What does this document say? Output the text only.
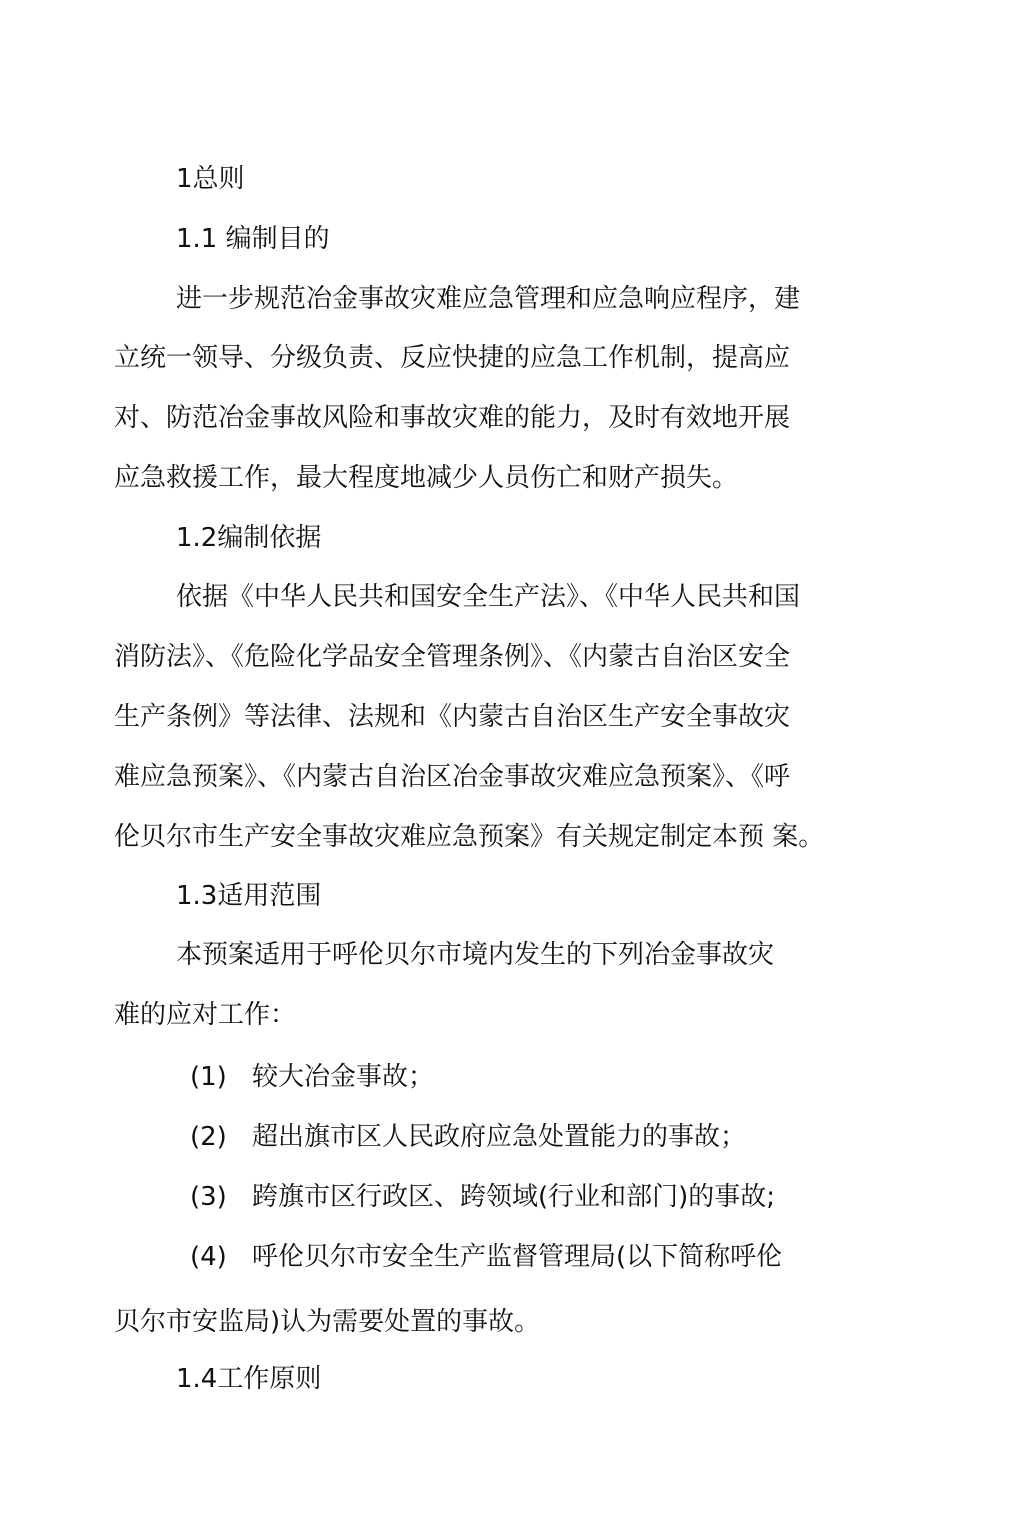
1总则
1.1 编制目的
进一步规范冶金事故灾难应急管理和应急响应程序，建
立统一领导、分级负责、反应快捷的应急工作机制，提高应
对、防范冶金事故风险和事故灾难的能力，及时有效地开展
应急救援工作，最大程度地减少人员伤亡和财产损失。
1.2编制依据
依据《中华人民共和国安全生产法》、《中华人民共和国
消防法》、《危险化学品安全管理条例》、《内蒙古自治区安全
生产条例》等法律、法规和《内蒙古自治区生产安全事故灾
难应急预案》、《内蒙古自治区冶金事故灾难应急预案》、《呼
伦贝尔市生产安全事故灾难应急预案》有关规定制定本预 案。
1.3适用范围
本预案适用于呼伦贝尔市境内发生的下列冶金事故灾
难的应对工作：
(1) 较大冶金事故；
(2) 超出旗市区人民政府应急处置能力的事故；
(3) 跨旗市区行政区、跨领域(行业和部门)的事故;
(4) 呼伦贝尔市安全生产监督管理局(以下简称呼伦
贝尔市安监局)认为需要处置的事故。
1.4工作原则
